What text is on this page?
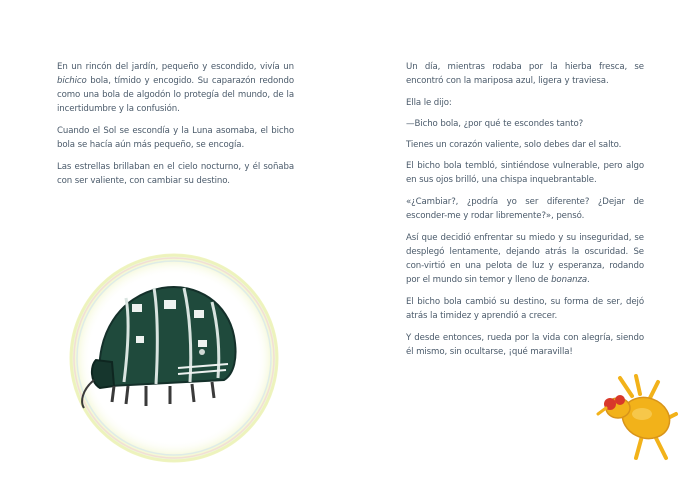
En un rincón del jardín, pequeño y escondido, vivía un bichico bola, tímido y encogido. Su caparazón redondo como una bola de algodón lo protegía del mundo, de la incertidumbre y la confusión.

Cuando el Sol se escondía y la Luna asomaba, el bicho bola se hacía aún más pequeño, se encogía.

Las estrellas brillaban en el cielo nocturno, y él soñaba con ser valiente, con cambiar su destino.

Un día, mientras rodaba por la hierba fresca, se encontró con la mariposa azul, ligera y traviesa.

Ella le dijo:

—Bicho bola, ¿por qué te escondes tanto?

Tienes un corazón valiente, solo debes dar el salto.

El bicho bola tembló, sintiéndose vulnerable, pero algo en sus ojos brilló, una chispa inquebrantable.

«¿Cambiar?, ¿podría yo ser diferente? ¿Dejar de esconder-me y rodar libremente?», pensó.

Así que decidió enfrentar su miedo y su inseguridad, se desplegó lentamente, dejando atrás la oscuridad. Se con-virtió en una pelota de luz y esperanza, rodando por el mundo sin temor y lleno de bonanza.

El bicho bola cambió su destino, su forma de ser, dejó atrás la timidez y aprendió a crecer.

Y desde entonces, rueda por la vida con alegría, siendo él mismo, sin ocultarse, ¡qué maravilla!
